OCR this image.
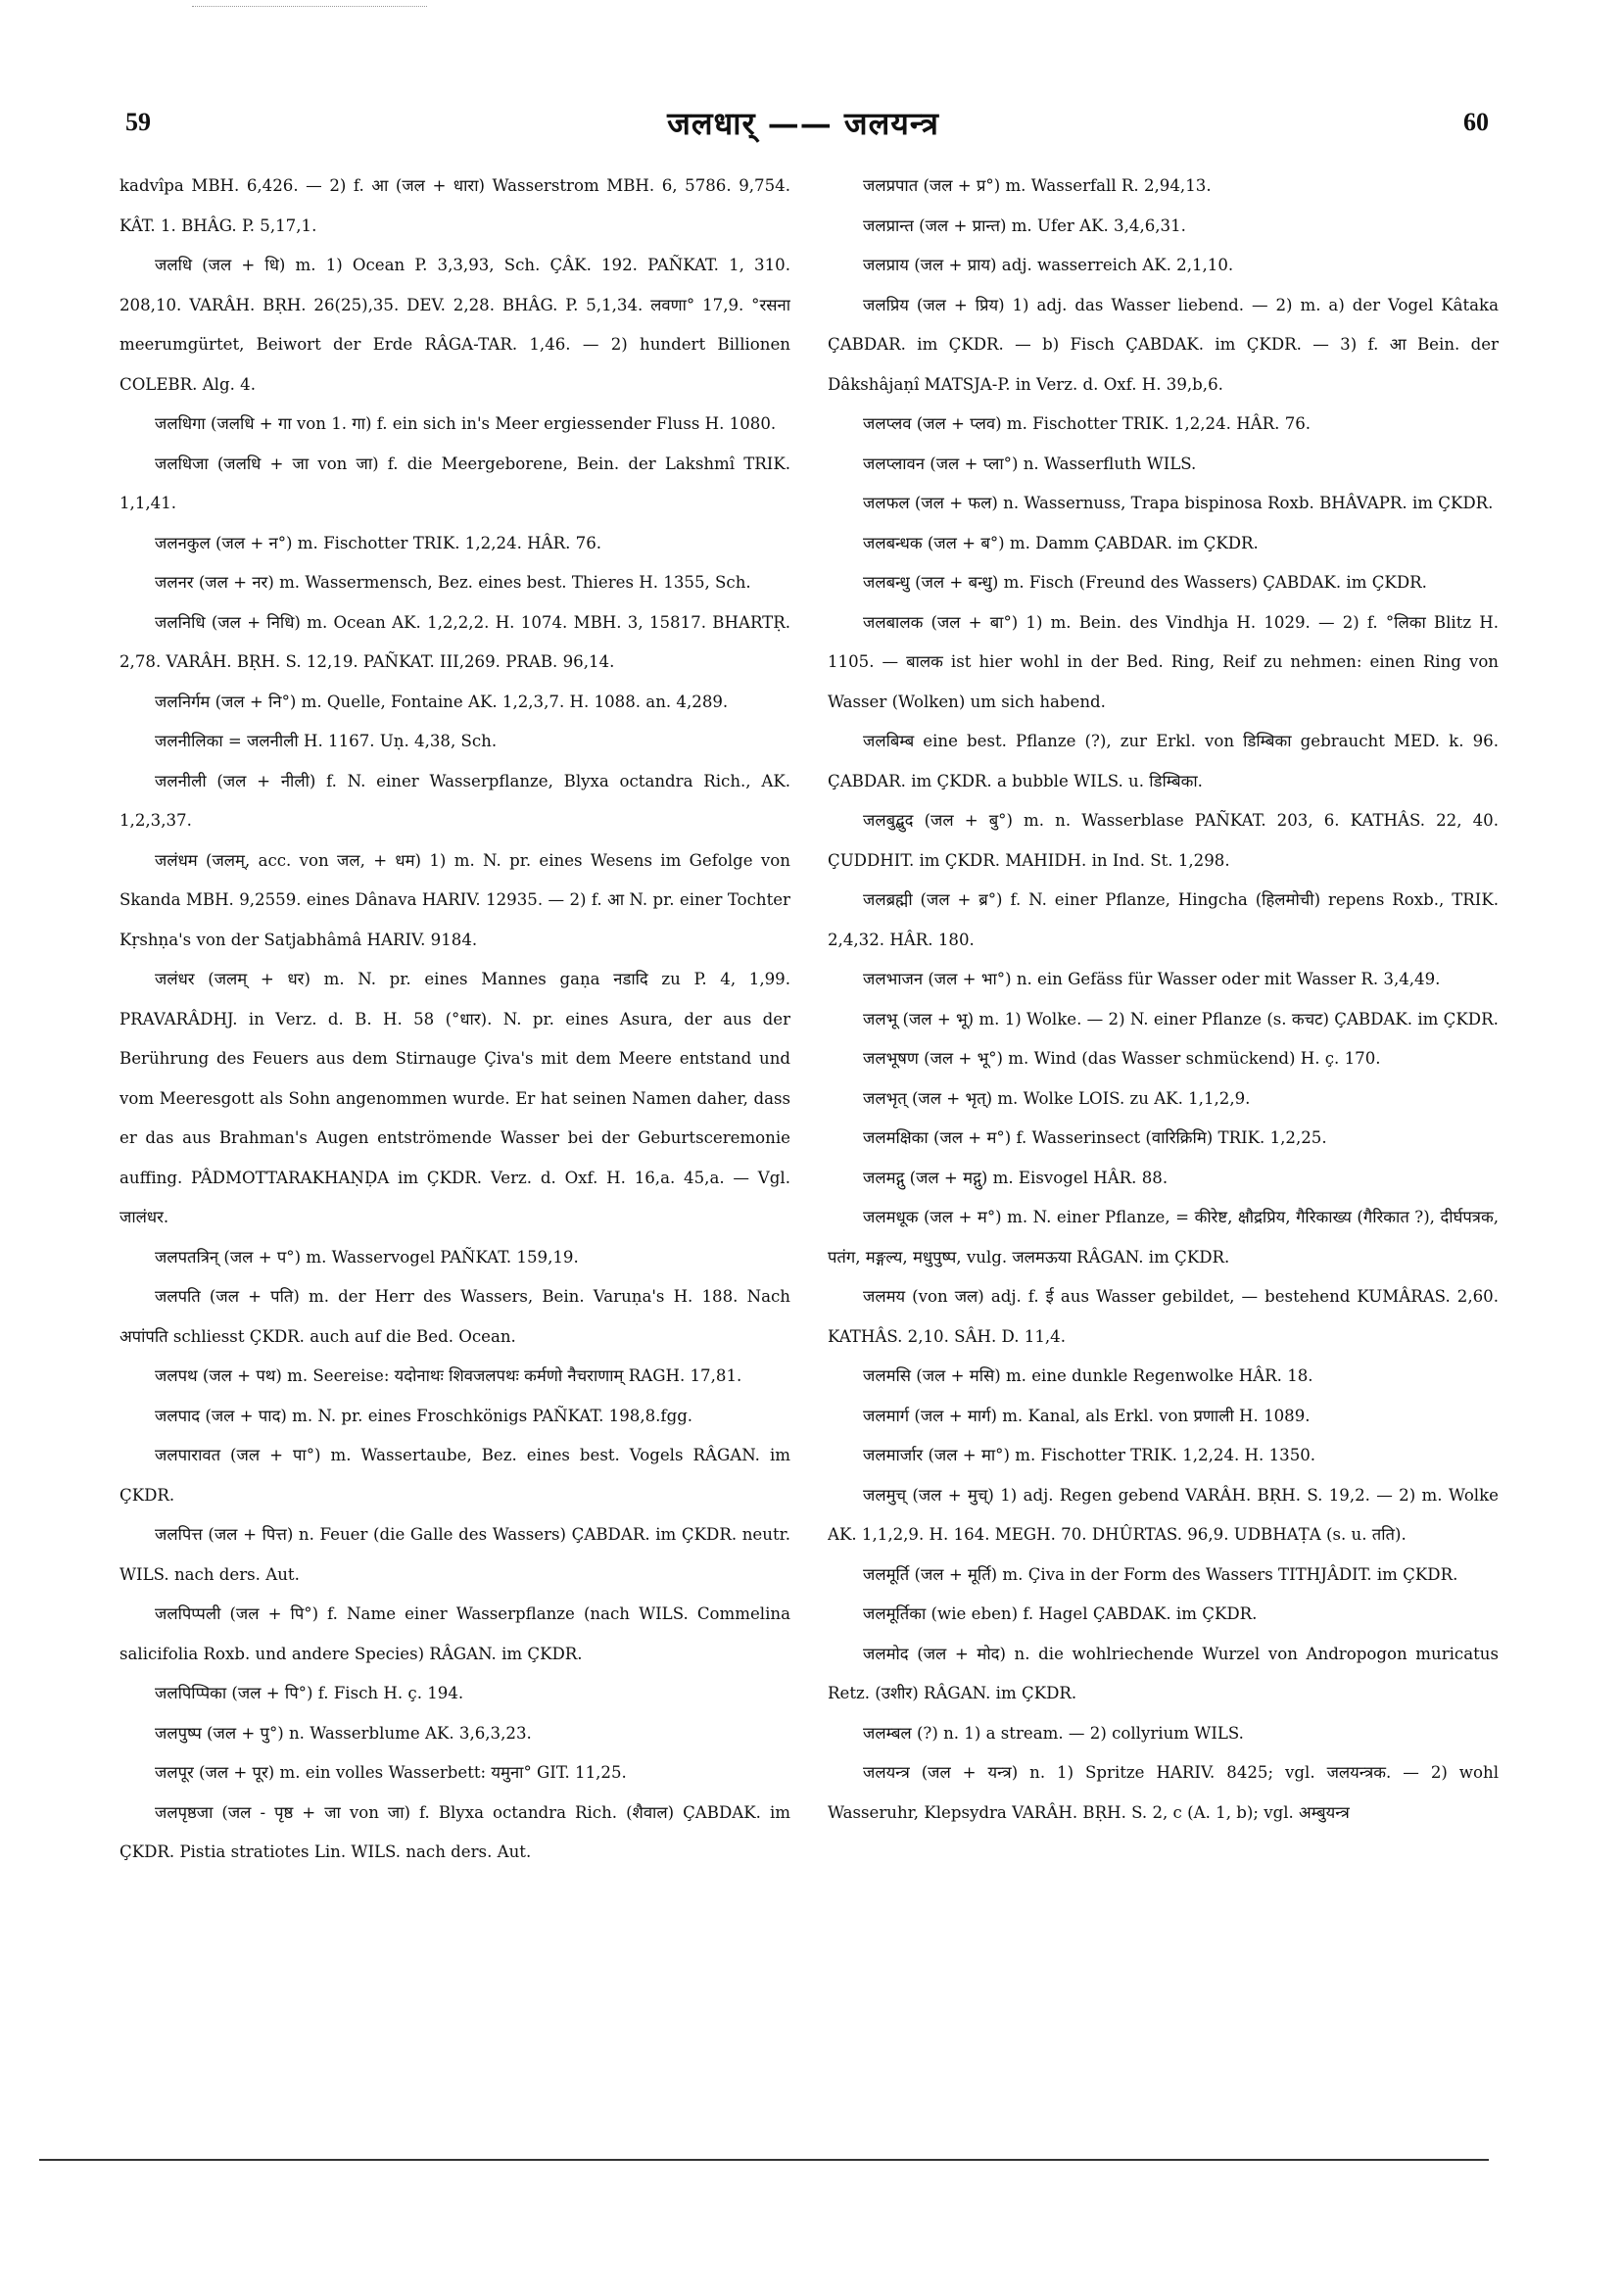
59	जलधार् —— जलयन्त्र	60

kadvîpa MBH. 6,426. — 2) f. आ (जल + धारा) Wasserstrom MBH. 6, 5786. 9,754. KÂT. 1. BHÂG. P. 5,17,1.

जलधि (जल + धि) m. 1) Ocean P. 3,3,93, Sch. ÇÂK. 192. PAÑKAT. 1, 310. 208,10. VARÂH. BṚH. 26(25),35. DEV. 2,28. BHÂG. P. 5,1,34. लवणा° 17,9. °रसना meerumgürtet, Beiwort der Erde RÂGA-TAR. 1,46. — 2) hundert Billionen COLEBR. Alg. 4.

जलधिगा (जलधि + गा von 1. गा) f. ein sich in's Meer ergiessender Fluss H. 1080.

जलधिजा (जलधि + जा von जा) f. die Meergeborene, Bein. der Lakshmî TRIK. 1,1,41.

जलनकुल (जल + न°) m. Fischotter TRIK. 1,2,24. HÂR. 76.

जलनर (जल + नर) m. Wassermensch, Bez. eines best. Thieres H. 1355, Sch.

जलनिधि (जल + निधि) m. Ocean AK. 1,2,2,2. H. 1074. MBH. 3, 15817. BHARTṚ. 2,78. VARÂH. BṚH. S. 12,19. PAÑKAT. III,269. PRAB. 96,14.

जलनिर्गम (जल + नि°) m. Quelle, Fontaine AK. 1,2,3,7. H. 1088. an. 4,289.

जलनीलिका = जलनीली H. 1167. Uṇ. 4,38, Sch.

जलनीली (जल + नीली) f. N. einer Wasserpflanze, Blyxa octandra Rich., AK. 1,2,3,37.

जलंधम (जलम्, acc. von जल, + धम) 1) m. N. pr. eines Wesens im Gefolge von Skanda MBH. 9,2559. eines Dânava HARIV. 12935. — 2) f. आ N. pr. einer Tochter Kṛshṇa's von der Satjabhâmâ HARIV. 9184.

जलंधर (जलम् + धर) m. N. pr. eines Mannes gaṇa नडादि zu P. 4, 1,99. PRAVARÂDHJ. in Verz. d. B. H. 58 (°धार). N. pr. eines Asura, der aus der Berührung des Feuers aus dem Stirnauge Çiva's mit dem Meere entstand und vom Meeresgott als Sohn angenommen wurde. Er hat seinen Namen daher, dass er das aus Brahman's Augen entströmende Wasser bei der Geburtsceremonie auffing. PÂDMOTTARAKHAṆḌA im ÇKDR. Verz. d. Oxf. H. 16,a. 45,a. — Vgl. जालंधर.

जलपतत्रिन् (जल + प°) m. Wasservogel PAÑKAT. 159,19.

जलपति (जल + पति) m. der Herr des Wassers, Bein. Varuṇa's H. 188. Nach अपांपति schliesst ÇKDR. auch auf die Bed. Ocean.

जलपथ (जल + पथ) m. Seereise: यदोनाथः शिवजलपथः कर्मणो नैचराणाम् RAGH. 17,81.

जलपाद (जल + पाद) m. N. pr. eines Froschkönigs PAÑKAT. 198,8.fgg.

जलपारावत (जल + पा°) m. Wassertaube, Bez. eines best. Vogels RÂGAN. im ÇKDR.

जलपित्त (जल + पित्त) n. Feuer (die Galle des Wassers) ÇABDAR. im ÇKDR. neutr. WILS. nach ders. Aut.

जलपिप्पली (जल + पि°) f. Name einer Wasserpflanze (nach WILS. Commelina salicifolia Roxb. und andere Species) RÂGAN. im ÇKDR.

जलपिप्पिका (जल + पि°) f. Fisch H. ç. 194.

जलपुष्प (जल + पु°) n. Wasserblume AK. 3,6,3,23.

जलपूर (जल + पूर) m. ein volles Wasserbett: यमुना° GIT. 11,25.

जलपृष्ठजा (जल - पृष्ठ + जा von जा) f. Blyxa octandra Rich. (शैवाल) ÇABDAK. im ÇKDR. Pistia stratiotes Lin. WILS. nach ders. Aut.

जलप्रपात (जल + प्र°) m. Wasserfall R. 2,94,13.

जलप्रान्त (जल + प्रान्त) m. Ufer AK. 3,4,6,31.

जलप्राय (जल + प्राय) adj. wasserreich AK. 2,1,10.

जलप्रिय (जल + प्रिय) 1) adj. das Wasser liebend. — 2) m. a) der Vogel Kâtaka ÇABDAR. im ÇKDR. — b) Fisch ÇABDAK. im ÇKDR. — 3) f. आ Bein. der Dâkshâjaṇî MATSJA-P. in Verz. d. Oxf. H. 39,b,6.

जलप्लव (जल + प्लव) m. Fischotter TRIK. 1,2,24. HÂR. 76.

जलप्लावन (जल + प्ला°) n. Wasserfluth WILS.

जलफल (जल + फल) n. Wassernuss, Trapa bispinosa Roxb. BHÂVAPR. im ÇKDR.

जलबन्धक (जल + ब°) m. Damm ÇABDAR. im ÇKDR.

जलबन्धु (जल + बन्धु) m. Fisch (Freund des Wassers) ÇABDAK. im ÇKDR.

जलबालक (जल + बा°) 1) m. Bein. des Vindhja H. 1029. — 2) f. °लिका Blitz H. 1105. — बालक ist hier wohl in der Bed. Ring, Reif zu nehmen: einen Ring von Wasser (Wolken) um sich habend.

जलबिम्ब eine best. Pflanze (?), zur Erkl. von डिम्बिका gebraucht MED. k. 96. ÇABDAR. im ÇKDR. a bubble WILS. u. डिम्बिका.

जलबुद्बुद (जल + बु°) m. n. Wasserblase PAÑKAT. 203, 6. KATHÂS. 22, 40. ÇUDDHIT. im ÇKDR. MAHIDH. in Ind. St. 1,298.

जलब्रह्मी (जल + ब्र°) f. N. einer Pflanze, Hingcha (हिलमोची) repens Roxb., TRIK. 2,4,32. HÂR. 180.

जलभाजन (जल + भा°) n. ein Gefäss für Wasser oder mit Wasser R. 3,4,49.

जलभू (जल + भू) m. 1) Wolke. — 2) N. einer Pflanze (s. कचट) ÇABDAK. im ÇKDR.

जलभूषण (जल + भू°) m. Wind (das Wasser schmückend) H. ç. 170.

जलभृत् (जल + भृत्) m. Wolke LOIS. zu AK. 1,1,2,9.

जलमक्षिका (जल + म°) f. Wasserinsect (वारिक्रिमि) TRIK. 1,2,25.

जलमद्गु (जल + मद्गु) m. Eisvogel HÂR. 88.

जलमधूक (जल + म°) m. N. einer Pflanze, = कीरेष्ट, क्षौद्रप्रिय, गैरिकाख्य (गैरिकात ?), दीर्घपत्रक, पतंग, मङ्गल्य, मधुपुष्प, vulg. जलमऊया RÂGAN. im ÇKDR.

जलमय (von जल) adj. f. ई aus Wasser gebildet, — bestehend KUMÂRAS. 2,60. KATHÂS. 2,10. SÂH. D. 11,4.

जलमसि (जल + मसि) m. eine dunkle Regenwolke HÂR. 18.

जलमार्ग (जल + मार्ग) m. Kanal, als Erkl. von प्रणाली H. 1089.

जलमार्जार (जल + मा°) m. Fischotter TRIK. 1,2,24. H. 1350.

जलमुच् (जल + मुच्) 1) adj. Regen gebend VARÂH. BṚH. S. 19,2. — 2) m. Wolke AK. 1,1,2,9. H. 164. MEGH. 70. DHÛRTAS. 96,9. UDBHAṬA (s. u. तति).

जलमूर्ति (जल + मूर्ति) m. Çiva in der Form des Wassers TITHJÂDIT. im ÇKDR.

जलमूर्तिका (wie eben) f. Hagel ÇABDAK. im ÇKDR.

जलमोद (जल + मोद) n. die wohlriechende Wurzel von Andropogon muricatus Retz. (उशीर) RÂGAN. im ÇKDR.

जलम्बल (?) n. 1) a stream. — 2) collyrium WILS.

जलयन्त्र (जल + यन्त्र) n. 1) Spritze HARIV. 8425; vgl. जलयन्त्रक. — 2) wohl Wasseruhr, Klepsydra VARÂH. BṚH. S. 2, c (A. 1, b); vgl. अम्बुयन्त्र
